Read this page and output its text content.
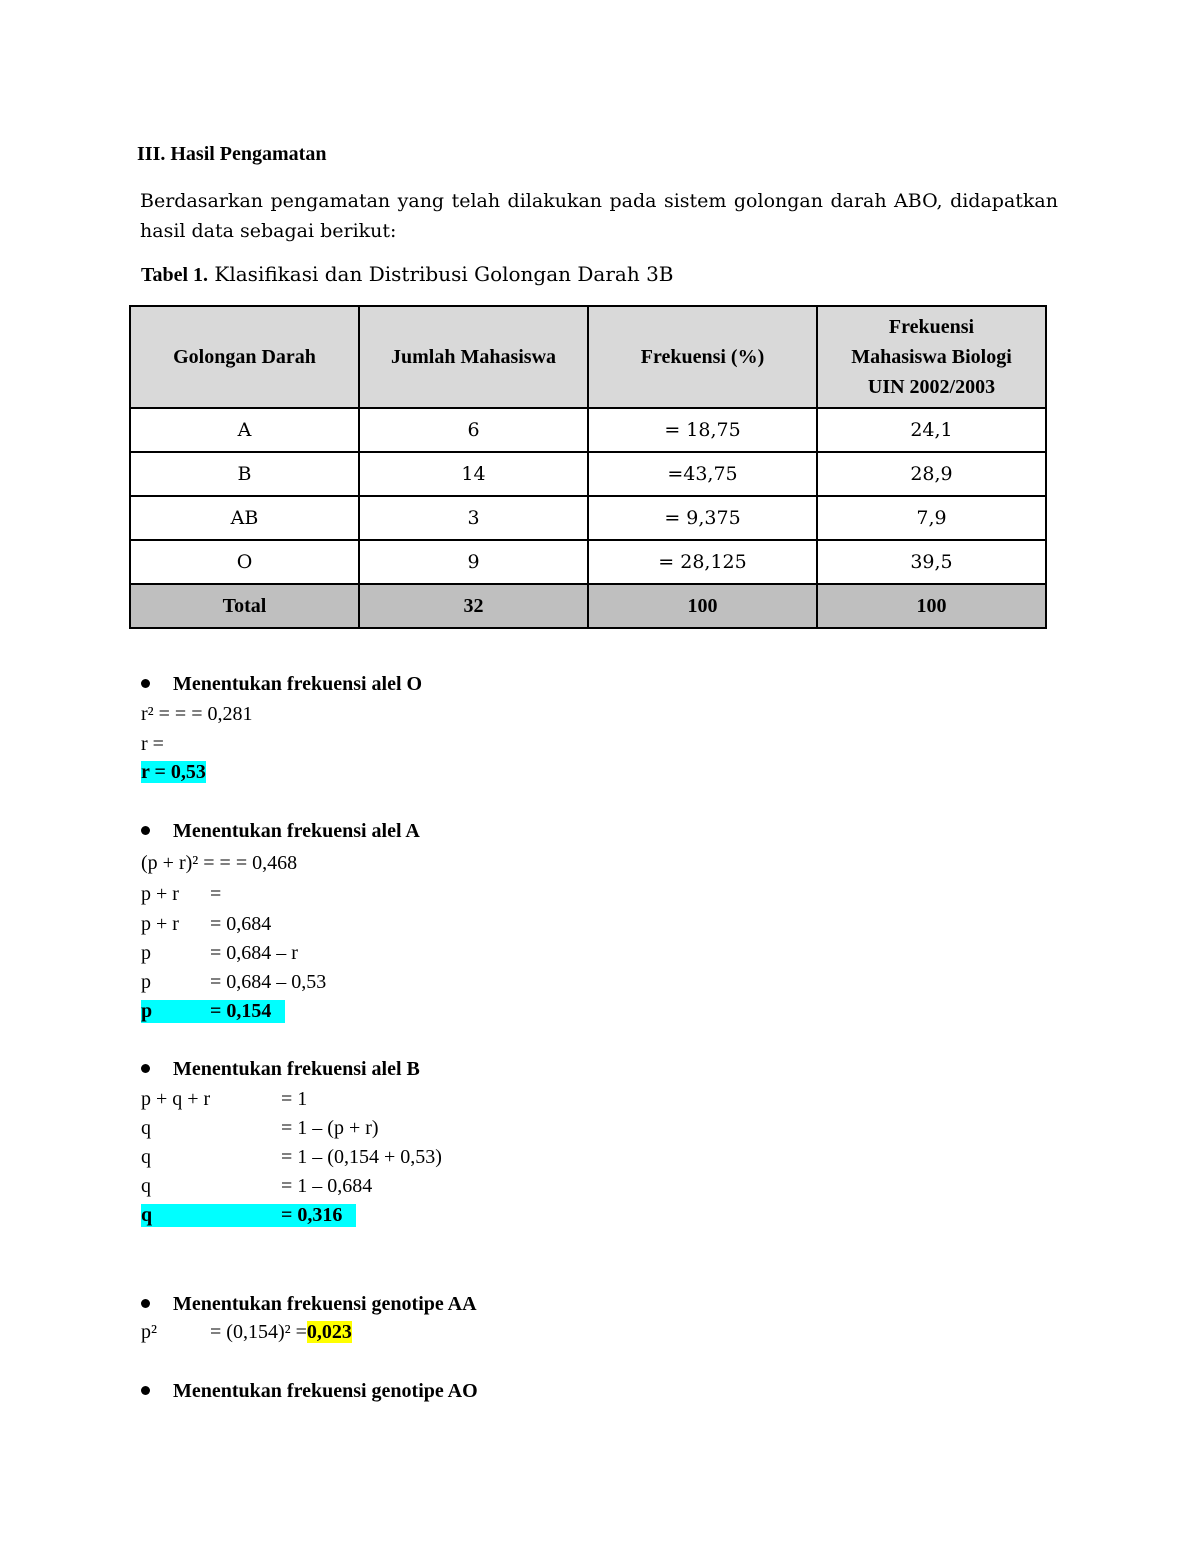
III. Hasil Pengamatan
Berdasarkan pengamatan yang telah dilakukan pada sistem golongan darah ABO, didapatkan hasil data sebagai berikut:
Tabel 1. Klasifikasi dan Distribusi Golongan Darah 3B
Golongan Darah	Jumlah Mahasiswa	Frekuensi (%)	Frekuensi
Mahasiswa Biologi
UIN 2002/2003

A	6	= 18,75	24,1
B	14	=43,75	28,9
AB	3	= 9,375	7,9
O	9	= 28,125	39,5
Total	32	100	100
Menentukan frekuensi alel O
r² = = = 0,281
r =
r = 0,53
Menentukan frekuensi alel A
(p + r)² = = = 0,468
p + r =
p + r = 0,684
p	= 0,684 – r
p	= 0,684 – 0,53
p	= 0,154
Menentukan frekuensi alel B
p + q + r	= 1
q	= 1 – (p + r)
q	= 1 – (0,154 + 0,53)
q	= 1 – 0,684
q	= 0,316
Menentukan frekuensi genotipe AA
p²	= (0,154)² =0,023
Menentukan frekuensi genotipe AO
